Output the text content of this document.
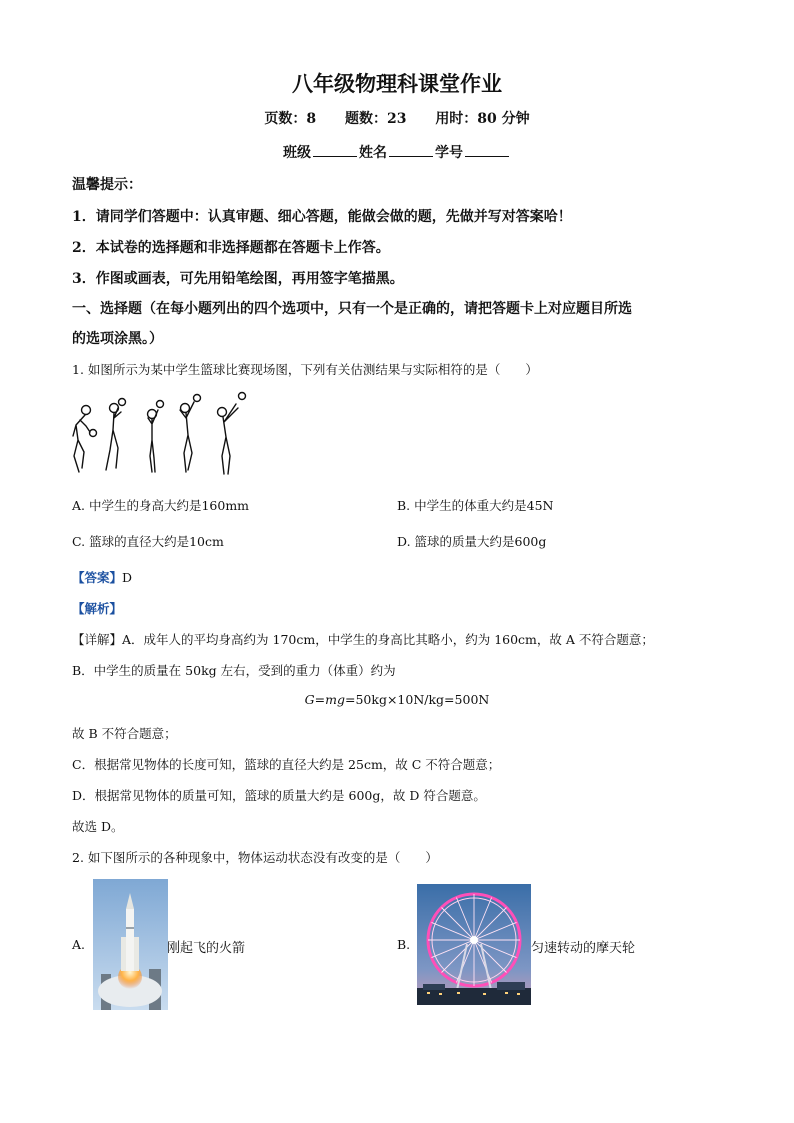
八年级物理科课堂作业
页数：8 题数：23 用时：80 分钟
班级	姓名	学号
温馨提示：
1．请同学们答题中：认真审题、细心答题，能做会做的题，先做并写对答案哈！
2．本试卷的选择题和非选择题都在答题卡上作答。
3．作图或画表，可先用铅笔绘图，再用签字笔描黑。
一、选择题（在每小题列出的四个选项中，只有一个是正确的，请把答题卡上对应题目所选
的选项涂黑。）
1. 如图所示为某中学生篮球比赛现场图，下列有关估测结果与实际相符的是（　　）
A. 中学生的身高大约是160mm	B. 中学生的体重大约是45N
C. 篮球的直径大约是10cm	D. 篮球的质量大约是600g
【答案】D
【解析】
【详解】A．成年人的平均身高约为 170cm，中学生的身高比其略小，约为 160cm，故 A 不符合题意；
B．中学生的质量在 50kg 左右，受到的重力（体重）约为
G=mg=50kg×10N/kg=500N
故 B 不符合题意；
C．根据常见物体的长度可知，篮球的直径大约是 25cm，故 C 不符合题意；
D．根据常见物体的质量可知，篮球的质量大约是 600g，故 D 符合题意。
故选 D。
2. 如下图所示的各种现象中，物体运动状态没有改变的是（　　）
A.	刚起飞的火箭	B.	匀速转动的摩天轮
